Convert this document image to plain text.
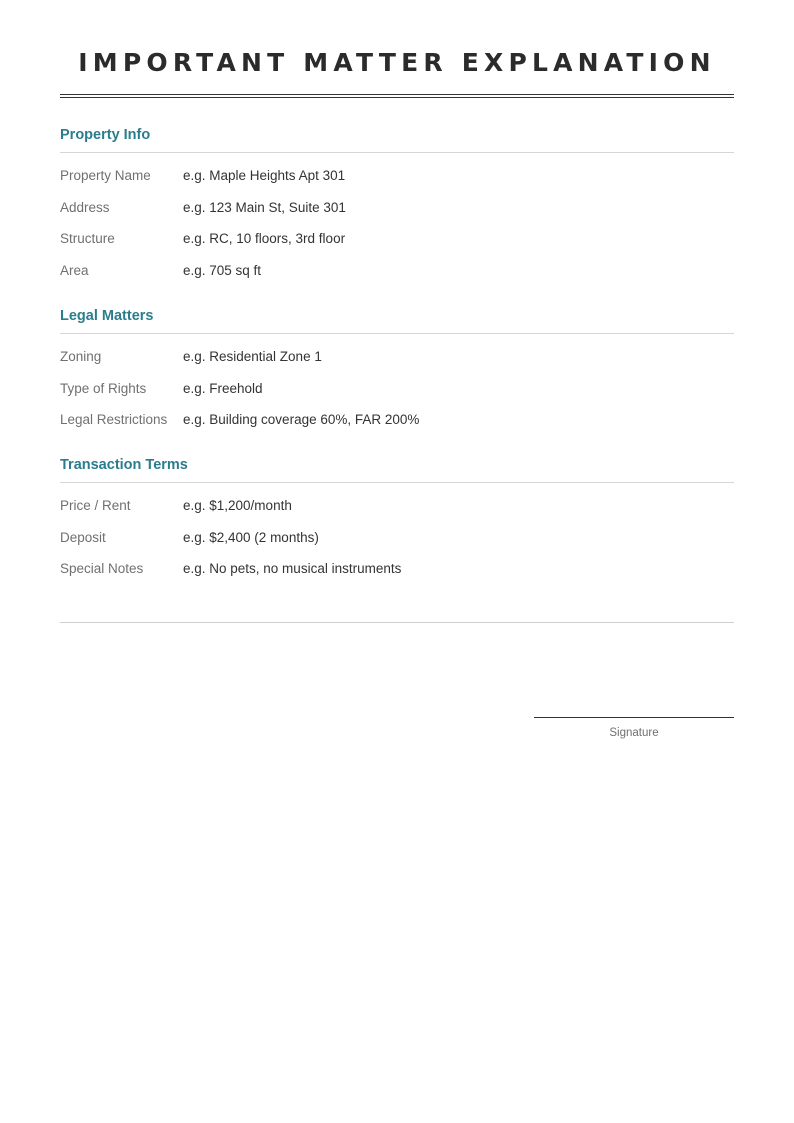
IMPORTANT MATTER EXPLANATION
Property Info
Property Name	e.g. Maple Heights Apt 301
Address	e.g. 123 Main St, Suite 301
Structure	e.g. RC, 10 floors, 3rd floor
Area	e.g. 705 sq ft
Legal Matters
Zoning	e.g. Residential Zone 1
Type of Rights	e.g. Freehold
Legal Restrictions	e.g. Building coverage 60%, FAR 200%
Transaction Terms
Price / Rent	e.g. $1,200/month
Deposit	e.g. $2,400 (2 months)
Special Notes	e.g. No pets, no musical instruments
Signature
